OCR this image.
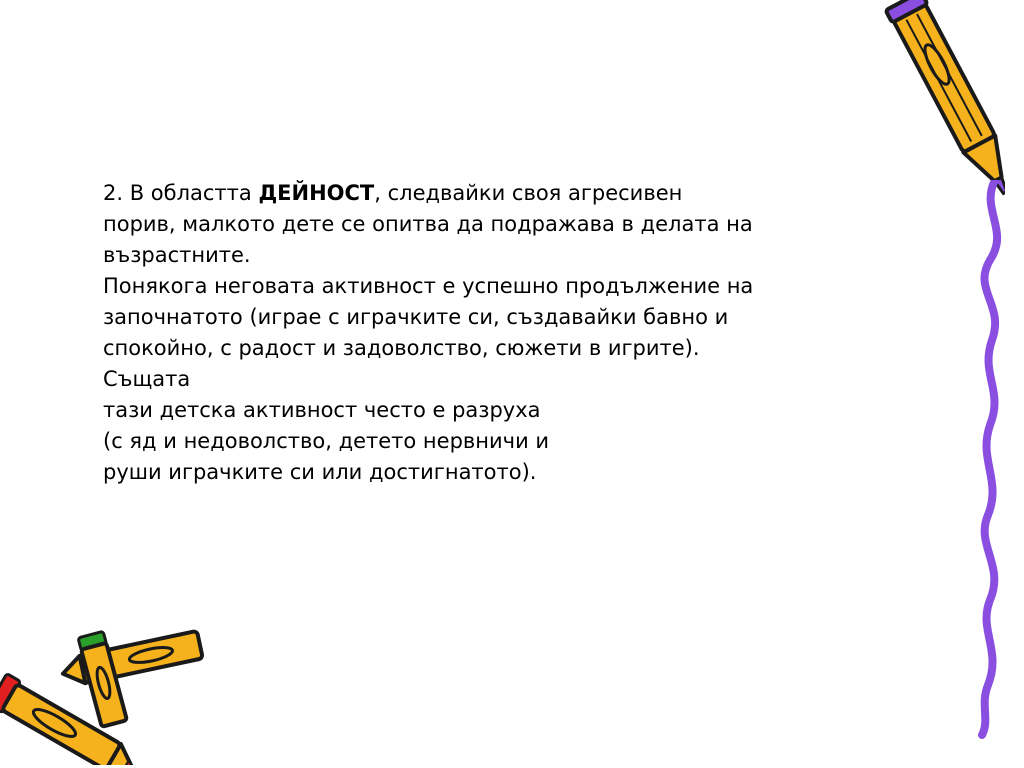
2. В областта ДЕЙНОСТ, следвайки своя агресивен
порив, малкото дете се опитва да подражава в делата на
възрастните.
Понякога неговата активност е успешно продължение на
започнатото (играе с играчките си, създавайки бавно и
спокойно, с радост и задоволство, сюжети в игрите).
Същата
тази детска активност често е разруха
(с яд и недоволство, детето нервничи и
руши играчките си или достигнатото).
